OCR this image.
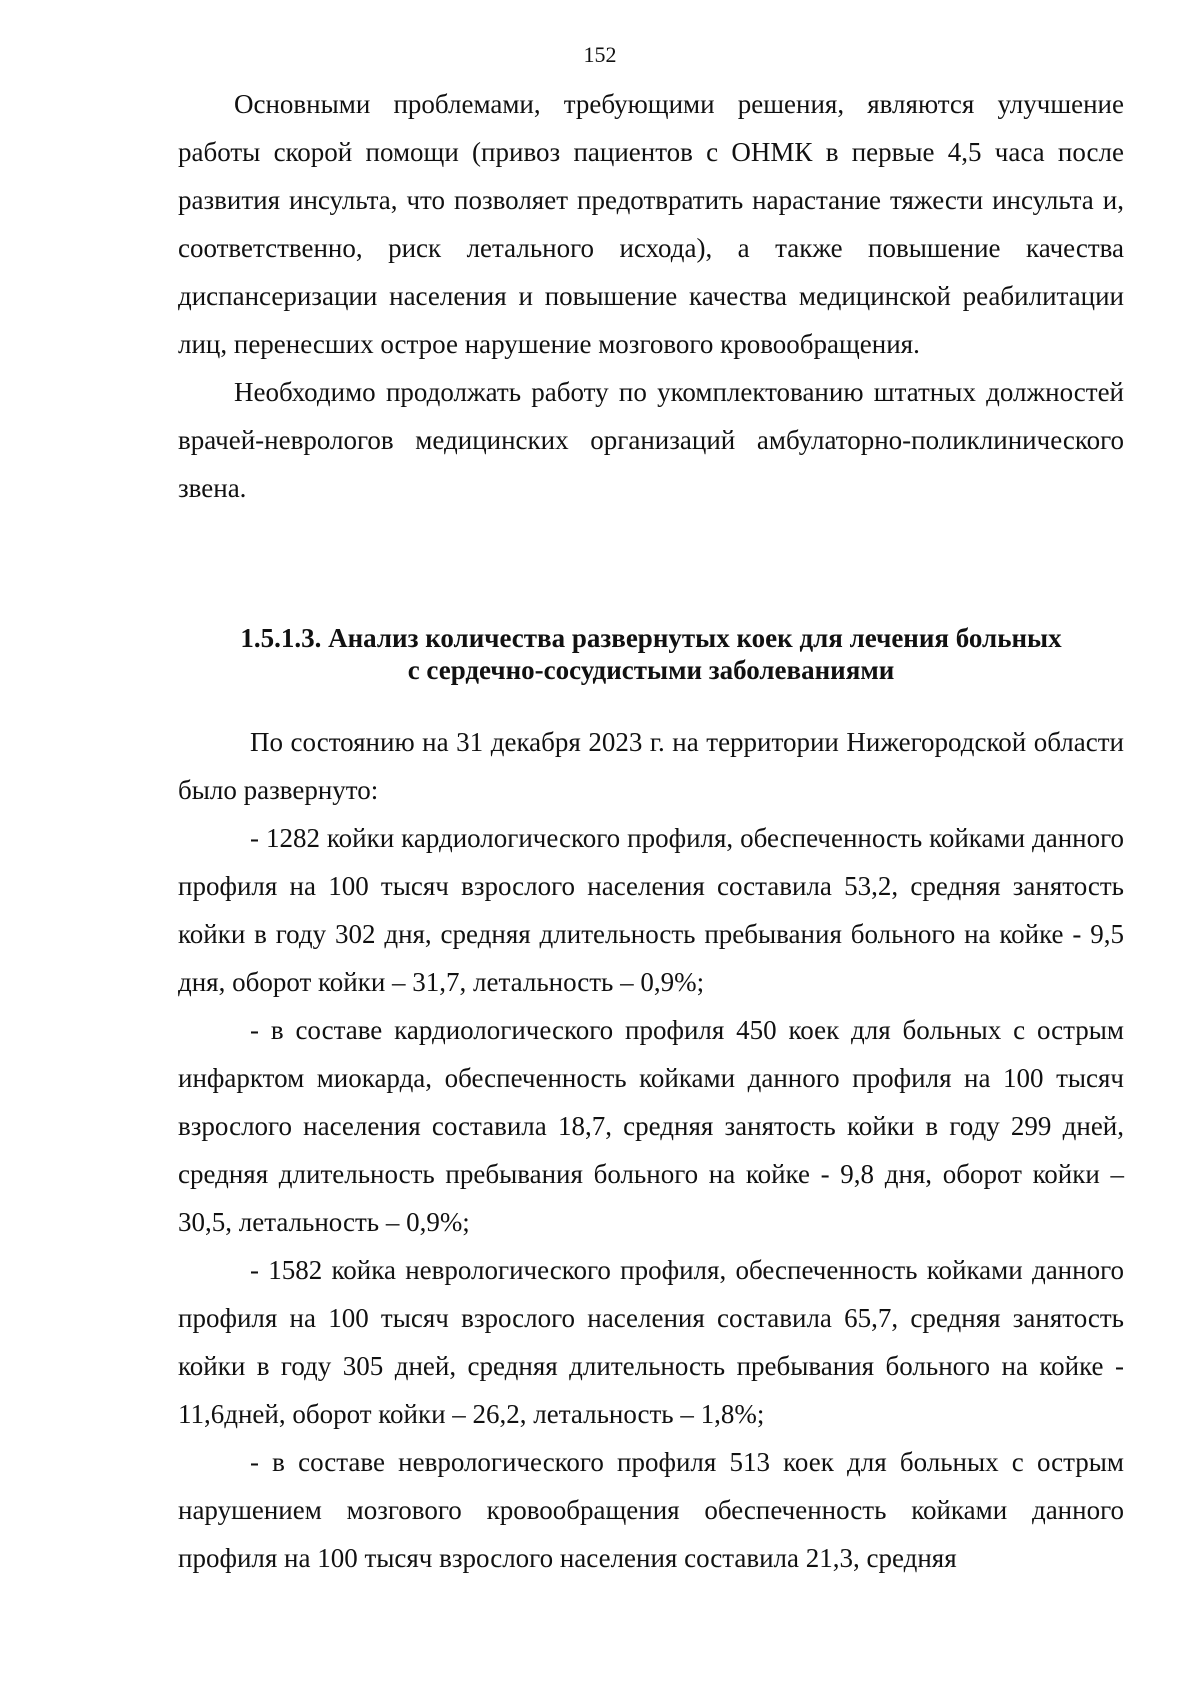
152

Основными проблемами, требующими решения, являются улучшение работы скорой помощи (привоз пациентов с ОНМК в первые 4,5 часа после развития инсульта, что позволяет предотвратить нарастание тяжести инсульта и, соответственно, риск летального исхода), а также повышение качества диспансеризации населения и повышение качества медицинской реабилитации лиц, перенесших острое нарушение мозгового кровообращения.

Необходимо продолжать работу по укомплектованию штатных должностей врачей-неврологов медицинских организаций амбулаторно-поликлинического звена.

1.5.1.3. Анализ количества развернутых коек для лечения больных
с сердечно-сосудистыми заболеваниями

По состоянию на 31 декабря 2023 г. на территории Нижегородской области было развернуто:

- 1282 койки кардиологического профиля, обеспеченность койками данного профиля на 100 тысяч взрослого населения составила 53,2, средняя занятость койки в году 302 дня, средняя длительность пребывания больного на койке - 9,5 дня, оборот койки – 31,7, летальность – 0,9%;

- в составе кардиологического профиля 450 коек для больных с острым инфарктом миокарда, обеспеченность койками данного профиля на 100 тысяч взрослого населения составила 18,7, средняя занятость койки в году 299 дней, средняя длительность пребывания больного на койке - 9,8 дня, оборот койки – 30,5, летальность – 0,9%;

- 1582 койка неврологического профиля, обеспеченность койками данного профиля на 100 тысяч взрослого населения составила 65,7, средняя занятость койки в году 305 дней, средняя длительность пребывания больного на койке - 11,6дней, оборот койки – 26,2, летальность – 1,8%;

- в составе неврологического профиля 513 коек для больных с острым нарушением мозгового кровообращения обеспеченность койками данного профиля на 100 тысяч взрослого населения составила 21,3, средняя
